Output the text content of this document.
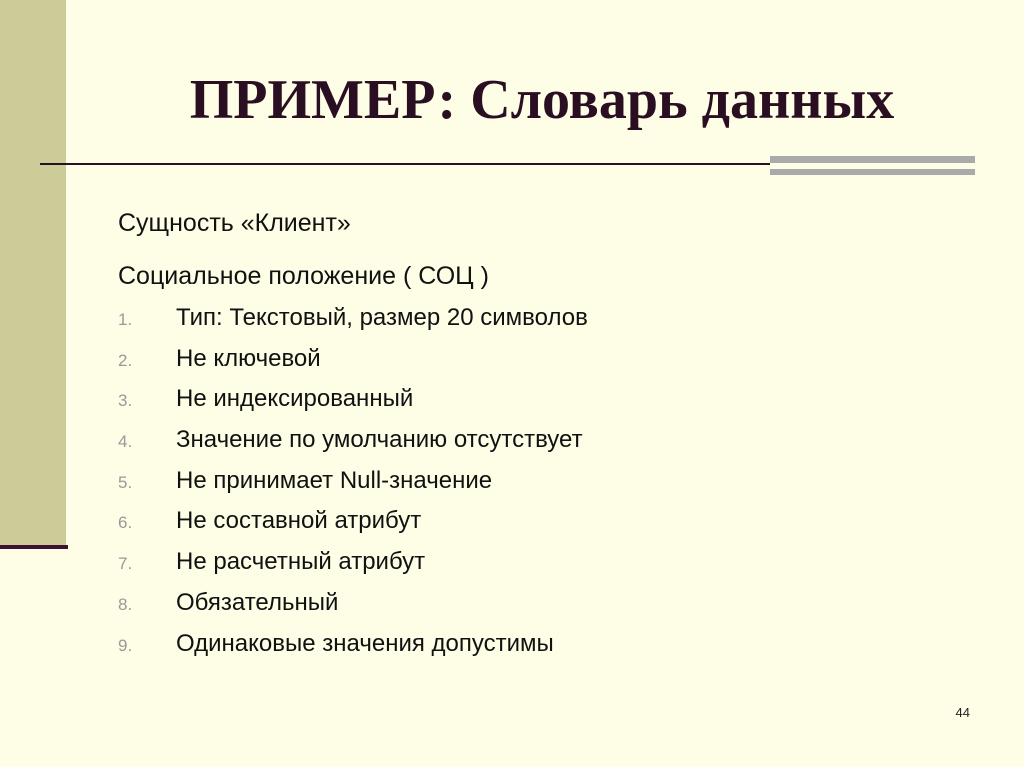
ПРИМЕР: Словарь данных

Сущность «Клиент»

Социальное положение ( СОЦ )

1.	Тип: Текстовый, размер 20 символов
2.	Не ключевой
3.	Не индексированный
4.	Значение по умолчанию отсутствует
5.	Не принимает Null-значение
6.	Не составной атрибут
7.	Не расчетный атрибут
8.	Обязательный
9.	Одинаковые значения допустимы
44
